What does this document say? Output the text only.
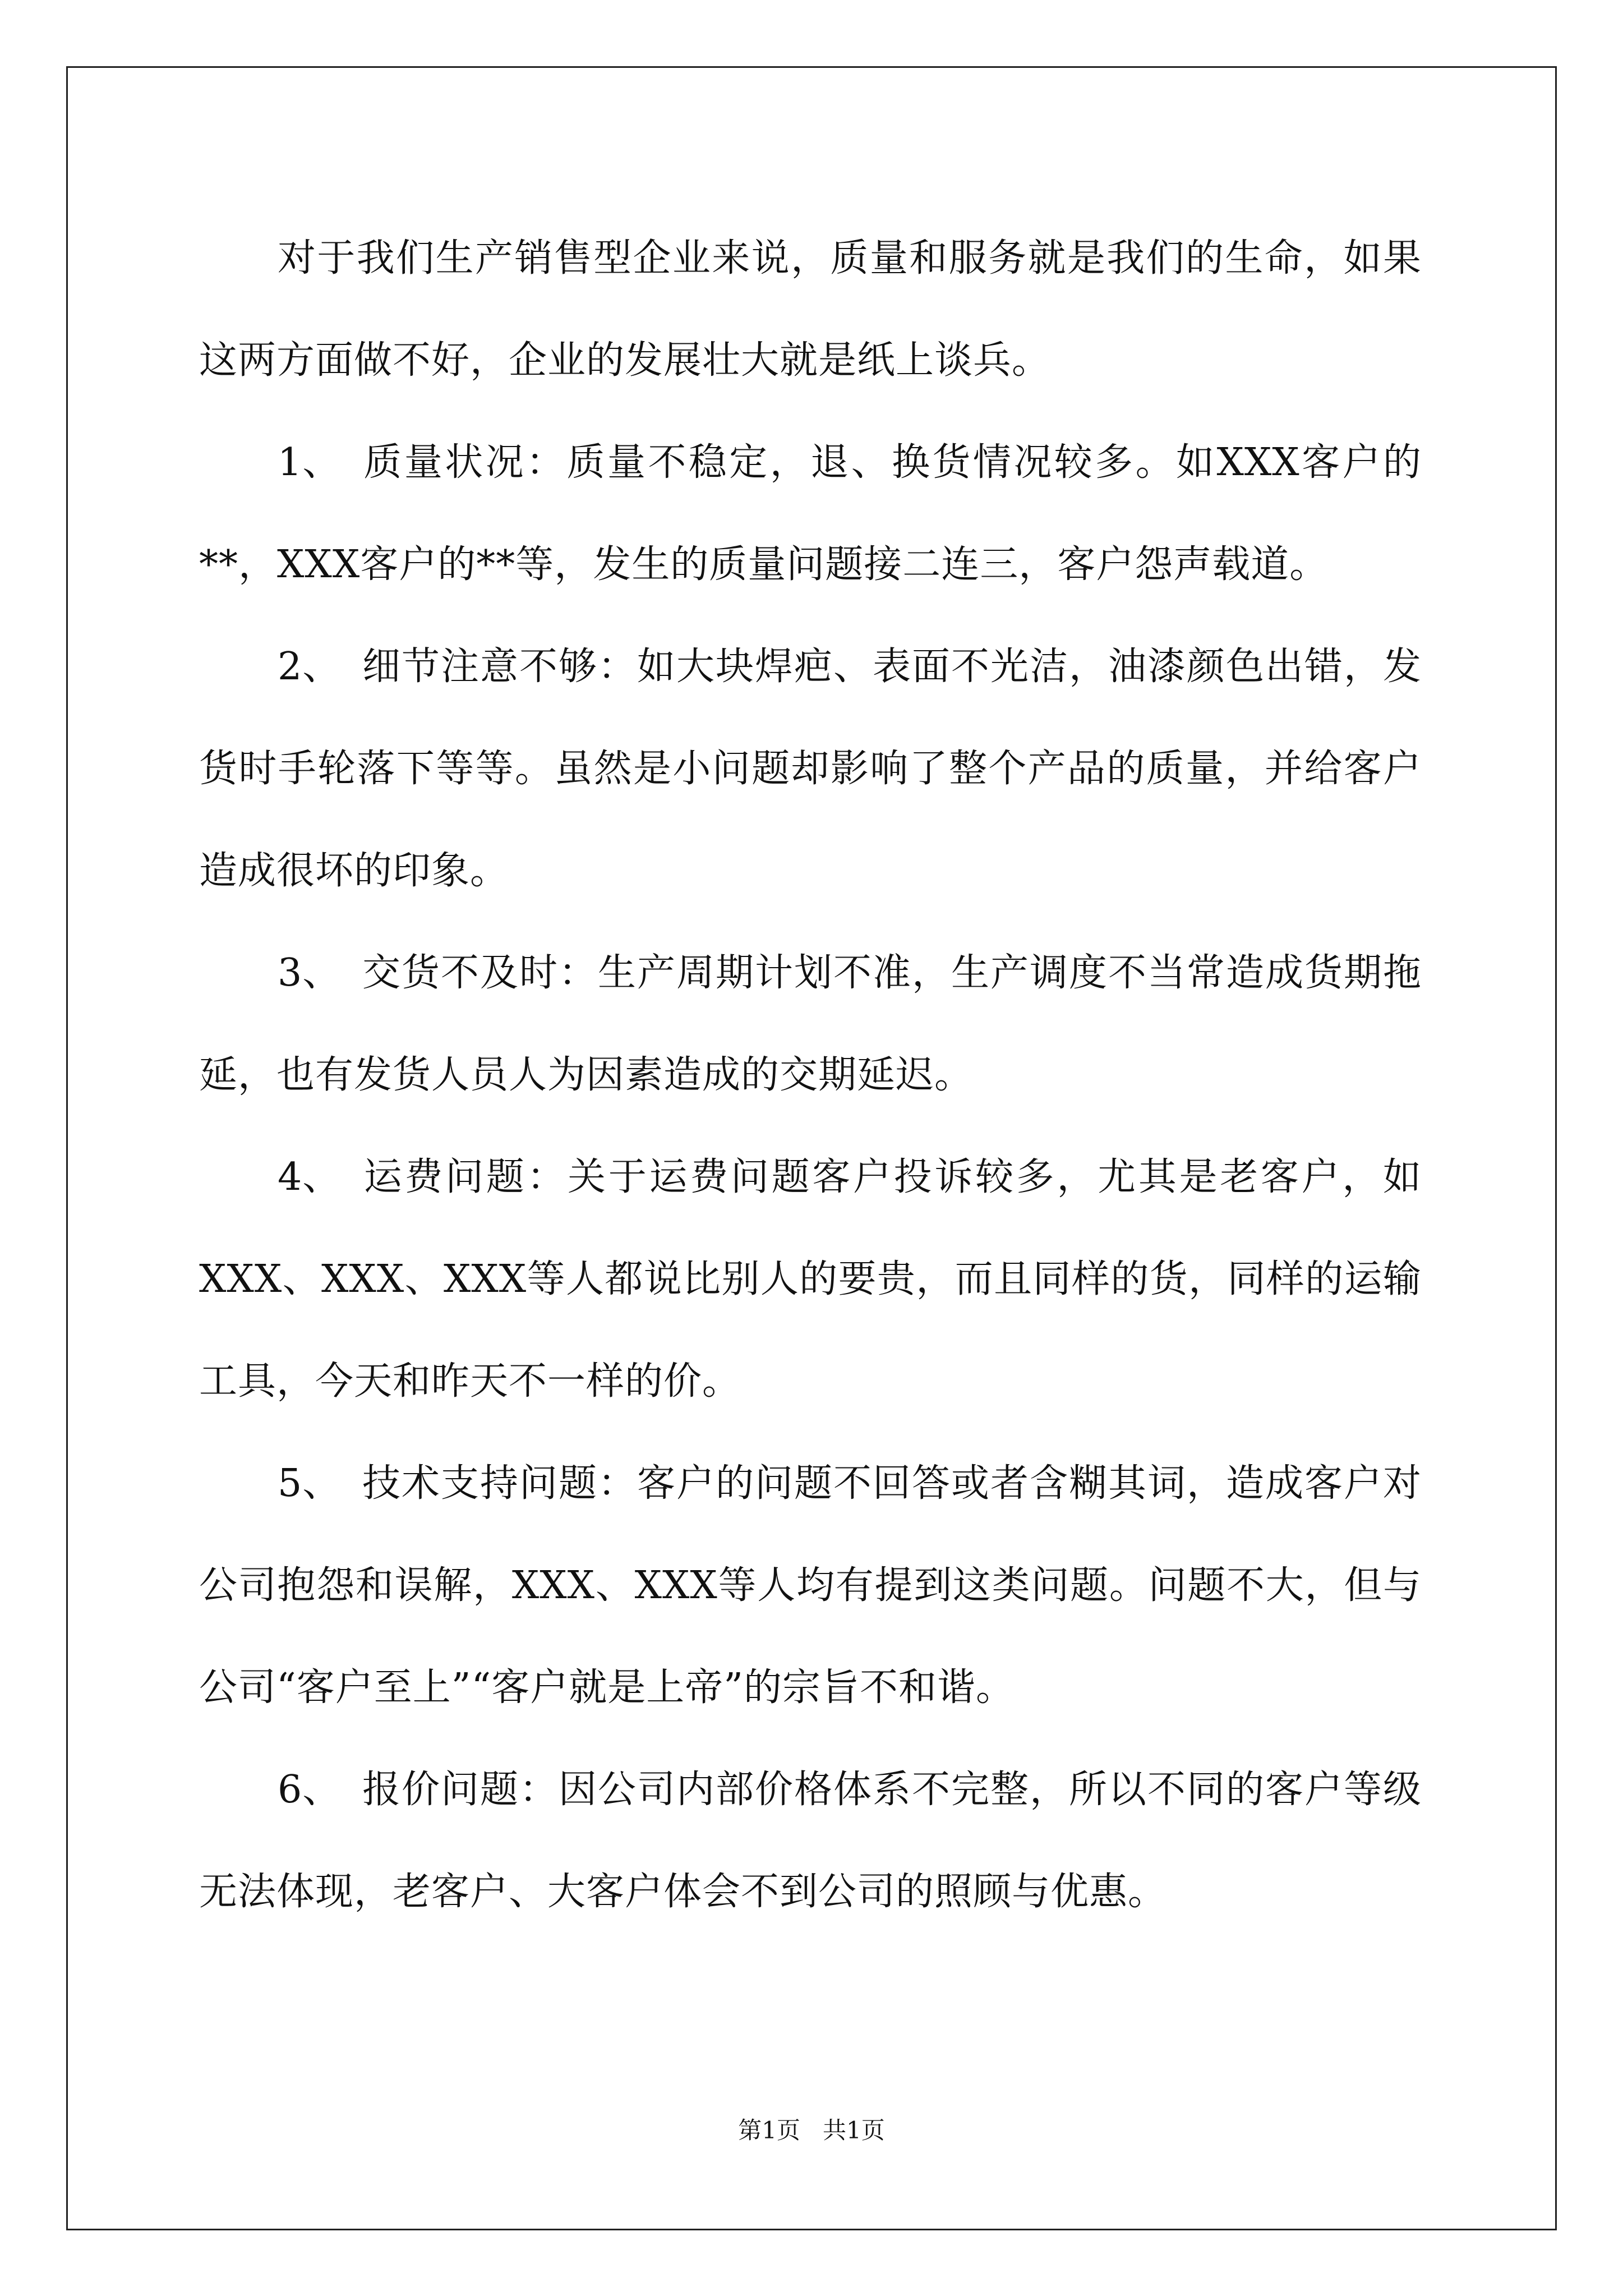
对于我们生产销售型企业来说，质量和服务就是我们的生命，如果这两方面做不好，企业的发展壮大就是纸上谈兵。

1、 质量状况：质量不稳定，退、换货情况较多。如XXX客户的**，XXX客户的**等，发生的质量问题接二连三，客户怨声载道。

2、 细节注意不够：如大块焊疤、表面不光洁，油漆颜色出错，发货时手轮落下等等。虽然是小问题却影响了整个产品的质量，并给客户造成很坏的印象。

3、 交货不及时：生产周期计划不准，生产调度不当常造成货期拖延，也有发货人员人为因素造成的交期延迟。

4、 运费问题：关于运费问题客户投诉较多，尤其是老客户，如XXX、XXX、XXX等人都说比别人的要贵，而且同样的货，同样的运输工具，今天和昨天不一样的价。

5、 技术支持问题：客户的问题不回答或者含糊其词，造成客户对公司抱怨和误解，XXX、XXX等人均有提到这类问题。问题不大，但与公司“客户至上”“客户就是上帝”的宗旨不和谐。

6、 报价问题：因公司内部价格体系不完整，所以不同的客户等级无法体现，老客户、大客户体会不到公司的照顾与优惠。

第1页   共1页
